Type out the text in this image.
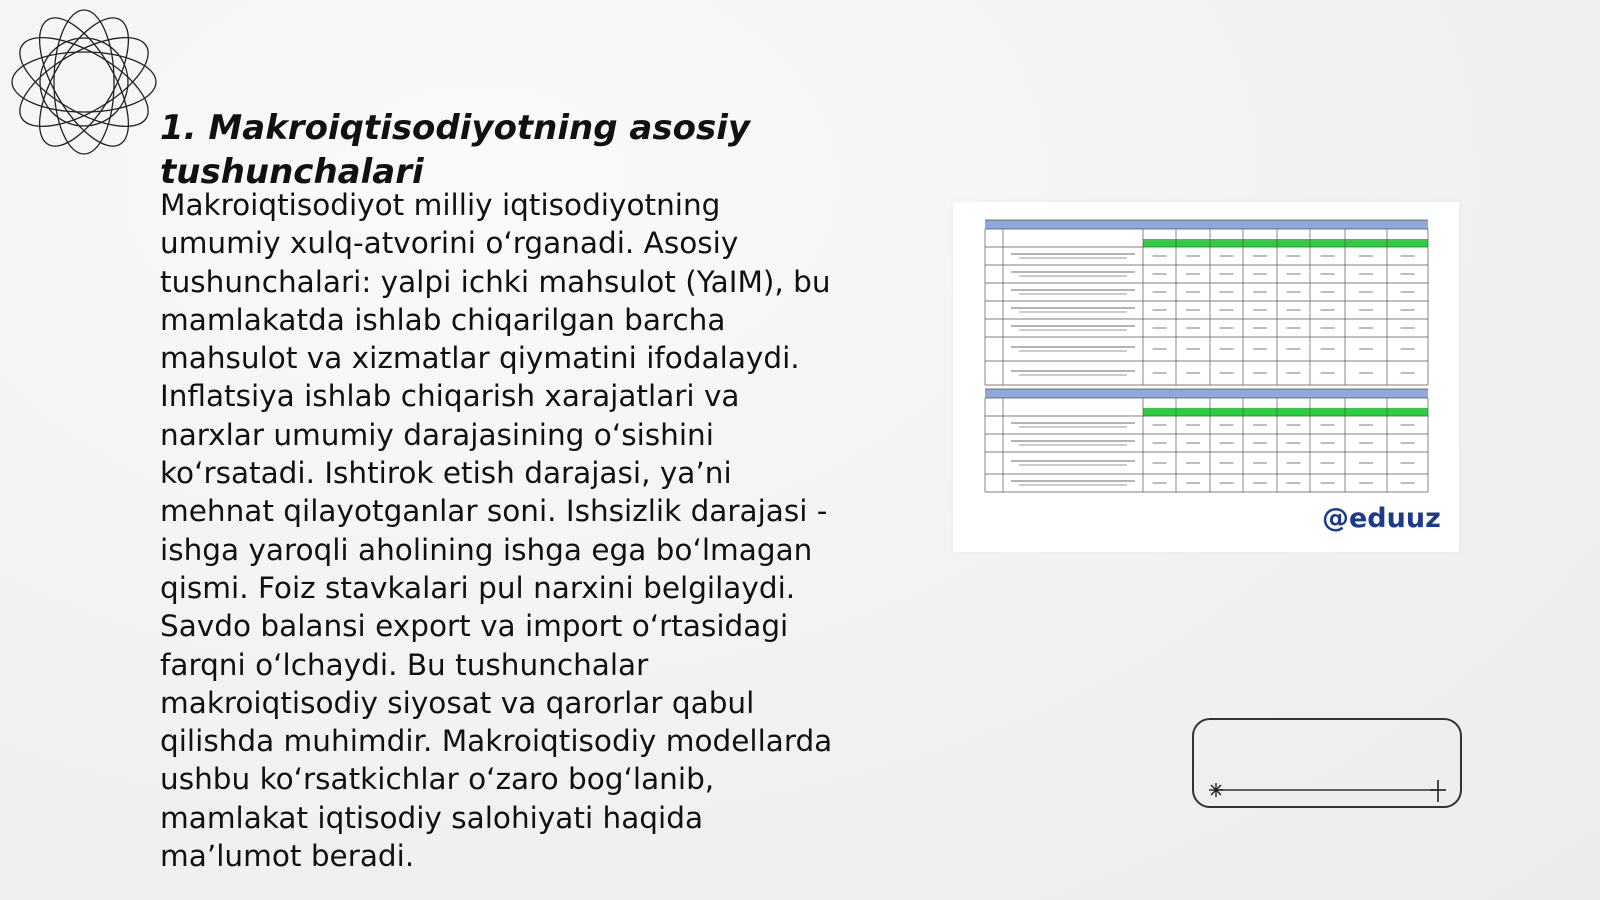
1. Makroiqtisodiyotning asosiy tushunchalari

Makroiqtisodiyot milliy iqtisodiyotning umumiy xulq-atvorini o‘rganadi. Asosiy tushunchalari: yalpi ichki mahsulot (YaIM), bu mamlakatda ishlab chiqarilgan barcha mahsulot va xizmatlar qiymatini ifodalaydi. Inflatsiya ishlab chiqarish xarajatlari va narxlar umumiy darajasining o‘sishini ko‘rsatadi. Ishtirok etish darajasi, ya’ni mehnat qilayotganlar soni. Ishsizlik darajasi - ishga yaroqli aholining ishga ega bo‘lmagan qismi. Foiz stavkalari pul narxini belgilaydi. Savdo balansi export va import o‘rtasidagi farqni o‘lchaydi. Bu tushunchalar makroiqtisodiy siyosat va qarorlar qabul qilishda muhimdir. Makroiqtisodiy modellarda ushbu ko‘rsatkichlar o‘zaro bog‘lanib, mamlakat iqtisodiy salohiyati haqida ma’lumot beradi.

@eduuz
